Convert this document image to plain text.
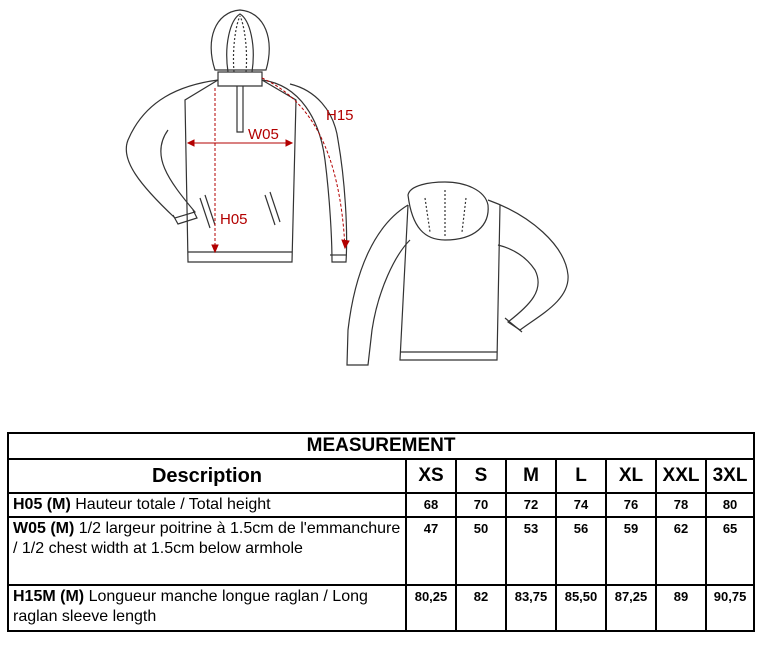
H15
W05
H05
MEASUREMENT							
Description	XS	S	M	L	XL	XXL	3XL
H05 (M) Hauteur totale / Total height	68	70	72	74	76	78	80
W05 (M) 1/2 largeur poitrine à 1.5cm de l'emmanchure / 1/2 chest width at 1.5cm below armhole	47	50	53	56	59	62	65
H15M (M) Longueur manche longue raglan / Long raglan sleeve length	80,25	82	83,75	85,50	87,25	89	90,75
